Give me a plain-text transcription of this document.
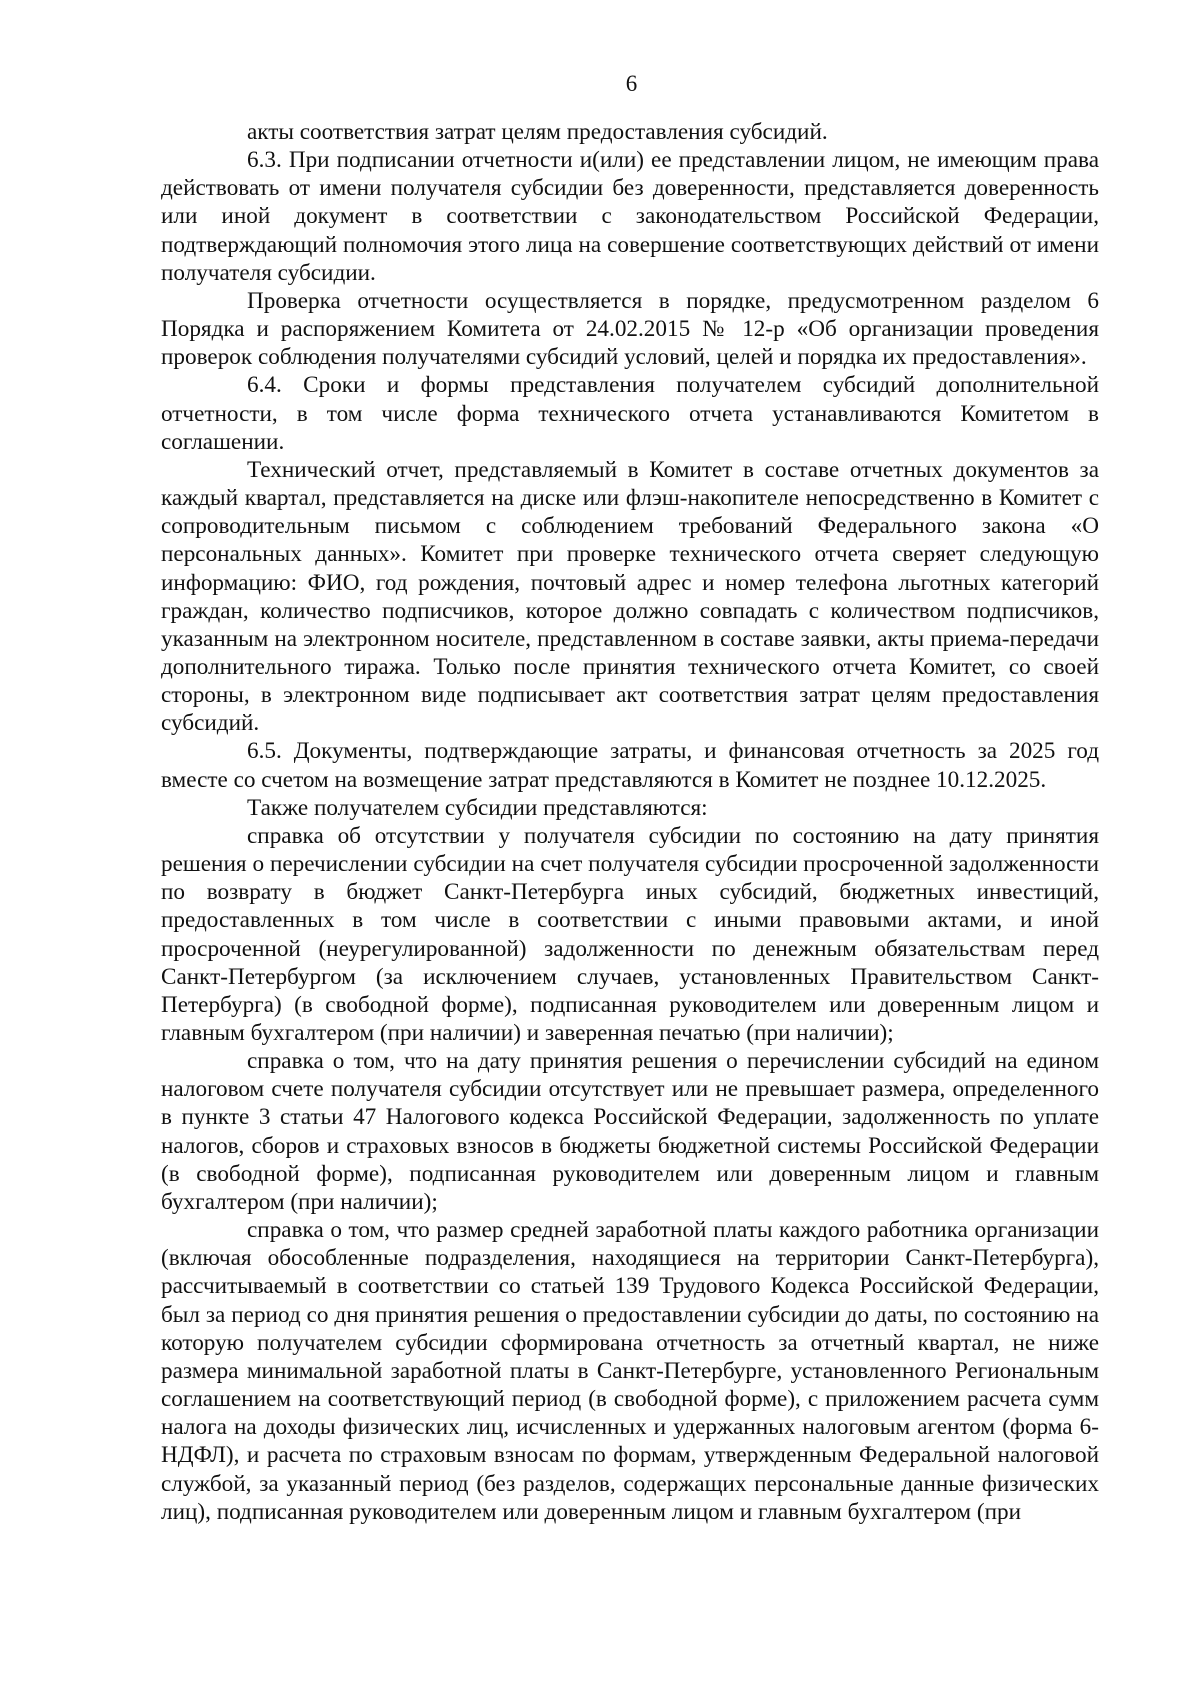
6

акты соответствия затрат целям предоставления субсидий.

6.3. При подписании отчетности и(или) ее представлении лицом, не имеющим права действовать от имени получателя субсидии без доверенности, представляется доверенность или иной документ в соответствии с законодательством Российской Федерации, подтверждающий полномочия этого лица на совершение соответствующих действий от имени получателя субсидии.

Проверка отчетности осуществляется в порядке, предусмотренном разделом 6 Порядка и распоряжением Комитета от 24.02.2015 № 12-р «Об организации проведения проверок соблюдения получателями субсидий условий, целей и порядка их предоставления».

6.4. Сроки и формы представления получателем субсидий дополнительной отчетности, в том числе форма технического отчета устанавливаются Комитетом в соглашении.

Технический отчет, представляемый в Комитет в составе отчетных документов за каждый квартал, представляется на диске или флэш-накопителе непосредственно в Комитет с сопроводительным письмом с соблюдением требований Федерального закона «О персональных данных». Комитет при проверке технического отчета сверяет следующую информацию: ФИО, год рождения, почтовый адрес и номер телефона льготных категорий граждан, количество подписчиков, которое должно совпадать с количеством подписчиков, указанным на электронном носителе, представленном в составе заявки, акты приема-передачи дополнительного тиража. Только после принятия технического отчета Комитет, со своей стороны, в электронном виде подписывает акт соответствия затрат целям предоставления субсидий.

6.5. Документы, подтверждающие затраты, и финансовая отчетность за 2025 год вместе со счетом на возмещение затрат представляются в Комитет не позднее 10.12.2025.

Также получателем субсидии представляются:

справка об отсутствии у получателя субсидии по состоянию на дату принятия решения о перечислении субсидии на счет получателя субсидии просроченной задолженности по возврату в бюджет Санкт-Петербурга иных субсидий, бюджетных инвестиций, предоставленных в том числе в соответствии с иными правовыми актами, и иной просроченной (неурегулированной) задолженности по денежным обязательствам перед Санкт-Петербургом (за исключением случаев, установленных Правительством Санкт-Петербурга) (в свободной форме), подписанная руководителем или доверенным лицом и главным бухгалтером (при наличии) и заверенная печатью (при наличии);

справка о том, что на дату принятия решения о перечислении субсидий на едином налоговом счете получателя субсидии отсутствует или не превышает размера, определенного в пункте 3 статьи 47 Налогового кодекса Российской Федерации, задолженность по уплате налогов, сборов и страховых взносов в бюджеты бюджетной системы Российской Федерации (в свободной форме), подписанная руководителем или доверенным лицом и главным бухгалтером (при наличии);

справка о том, что размер средней заработной платы каждого работника организации (включая обособленные подразделения, находящиеся на территории Санкт-Петербурга), рассчитываемый в соответствии со статьей 139 Трудового Кодекса Российской Федерации, был за период со дня принятия решения о предоставлении субсидии до даты, по состоянию на которую получателем субсидии сформирована отчетность за отчетный квартал, не ниже размера минимальной заработной платы в Санкт-Петербурге, установленного Региональным соглашением на соответствующий период (в свободной форме), с приложением расчета сумм налога на доходы физических лиц, исчисленных и удержанных налоговым агентом (форма 6-НДФЛ), и расчета по страховым взносам по формам, утвержденным Федеральной налоговой службой, за указанный период (без разделов, содержащих персональные данные физических лиц), подписанная руководителем или доверенным лицом и главным бухгалтером (при
